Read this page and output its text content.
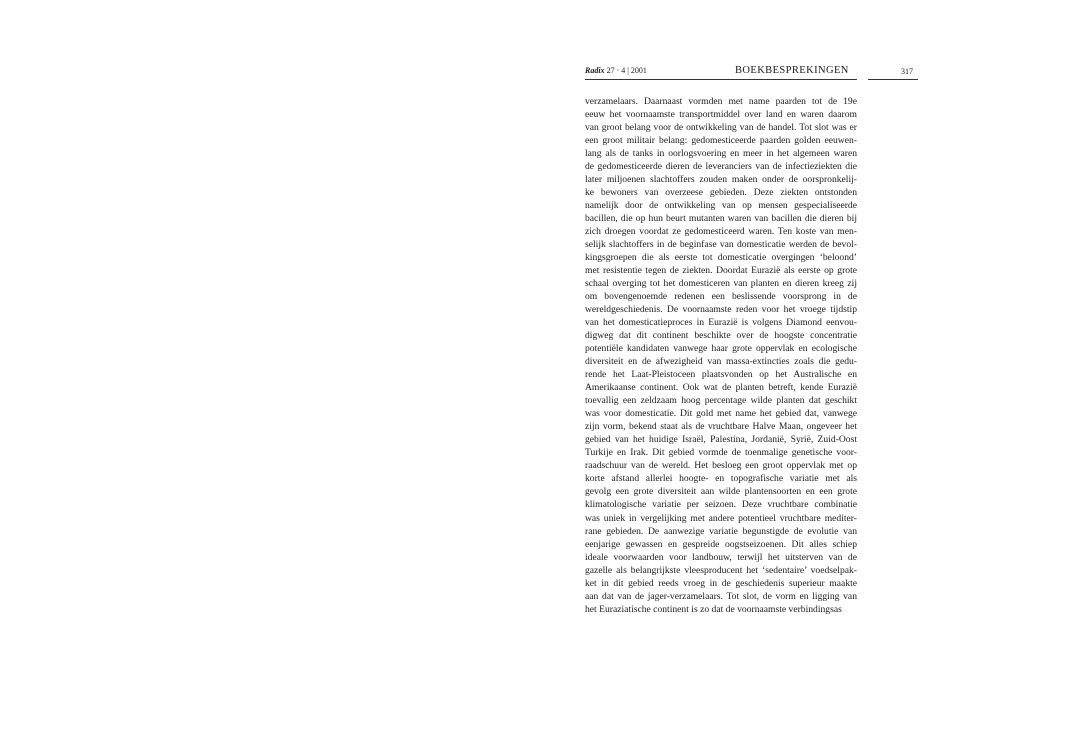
Radix 27 · 4 | 2001	BOEKBESPREKINGEN	317
verzamelaars. Daarnaast vormden met name paarden tot de 19e
eeuw het voornaamste transportmiddel over land en waren daarom
van groot belang voor de ontwikkeling van de handel. Tot slot was er
een groot militair belang: gedomesticeerde paarden golden eeuwen-
lang als de tanks in oorlogsvoering en meer in het algemeen waren
de gedomesticeerde dieren de leveranciers van de infectieziekten die
later miljoenen slachtoffers zouden maken onder de oorspronkelij-
ke bewoners van overzeese gebieden. Deze ziekten ontstonden
namelijk door de ontwikkeling van op mensen gespecialiseerde
bacillen, die op hun beurt mutanten waren van bacillen die dieren bij
zich droegen voordat ze gedomesticeerd waren. Ten koste van men-
selijk slachtoffers in de beginfase van domesticatie werden de bevol-
kingsgroepen die als eerste tot domesticatie overgingen ‘beloond’
met resistentie tegen de ziekten. Doordat Eurazië als eerste op grote
schaal overging tot het domesticeren van planten en dieren kreeg zij
om bovengenoemde redenen een beslissende voorsprong in de
wereldgeschiedenis. De voornaamste reden voor het vroege tijdstip
van het domesticatieproces in Eurazië is volgens Diamond eenvou-
digweg dat dit continent beschikte over de hoogste concentratie
potentiële kandidaten vanwege haar grote oppervlak en ecologische
diversiteit en de afwezigheid van massa-extincties zoals die gedu-
rende het Laat-Pleistoceen plaatsvonden op het Australische en
Amerikaanse continent. Ook wat de planten betreft, kende Eurazië
toevallig een zeldzaam hoog percentage wilde planten dat geschikt
was voor domesticatie. Dit gold met name het gebied dat, vanwege
zijn vorm, bekend staat als de vruchtbare Halve Maan, ongeveer het
gebied van het huidige Israël, Palestina, Jordanië, Syrië, Zuid-Oost
Turkije en Irak. Dit gebied vormde de toenmalige genetische voor-
raadschuur van de wereld. Het besloeg een groot oppervlak met op
korte afstand allerlei hoogte- en topografische variatie met als
gevolg een grote diversiteit aan wilde plantensoorten en een grote
klimatologische variatie per seizoen. Deze vruchtbare combinatie
was uniek in vergelijking met andere potentieel vruchtbare mediter-
rane gebieden. De aanwezige variatie begunstigde de evolutie van
eenjarige gewassen en gespreide oogstseizoenen. Dit alles schiep
ideale voorwaarden voor landbouw, terwijl het uitsterven van de
gazelle als belangrijkste vleesproducent het ‘sedentaire’ voedselpak-
ket in dit gebied reeds vroeg in de geschiedenis superieur maakte
aan dat van de jager-verzamelaars. Tot slot, de vorm en ligging van
het Euraziatische continent is zo dat de voornaamste verbindingsas
